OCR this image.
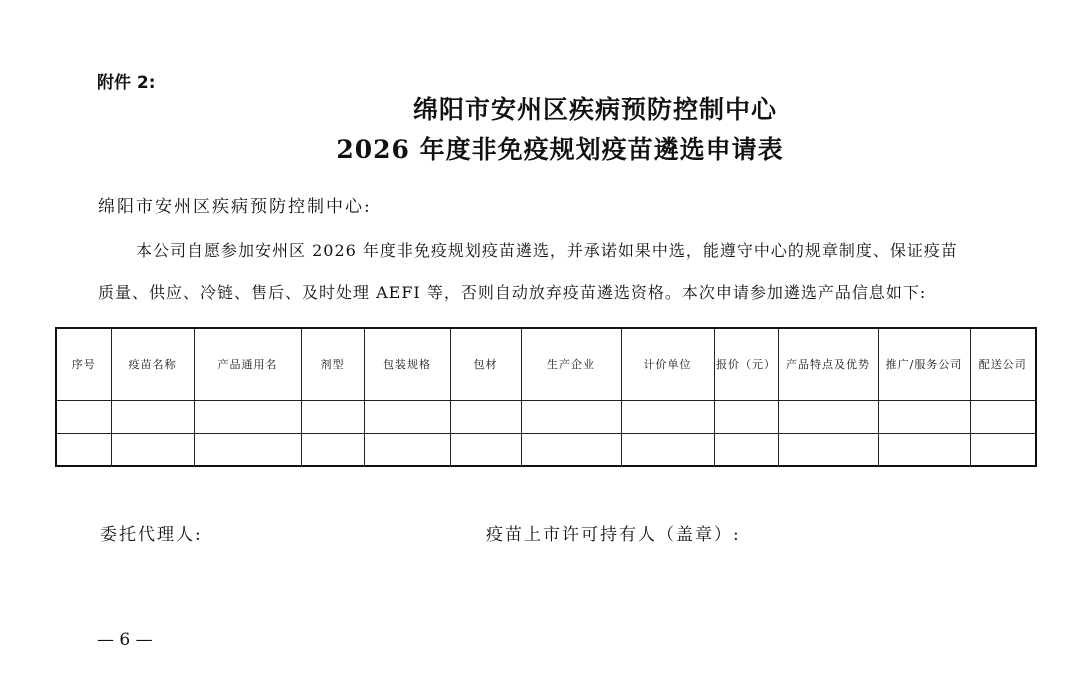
附件 2:
绵阳市安州区疾病预防控制中心
2026 年度非免疫规划疫苗遴选申请表
绵阳市安州区疾病预防控制中心:
本公司自愿参加安州区 2026 年度非免疫规划疫苗遴选，并承诺如果中选，能遵守中心的规章制度、保证疫苗
质量、供应、冷链、售后、及时处理 AEFI 等，否则自动放弃疫苗遴选资格。本次申请参加遴选产品信息如下:
序号	疫苗名称	产品通用名	剂型	包装规格	包材	生产企业	计价单位	报价（元）	产品特点及优势	推广/服务公司	配送公司

委托代理人:	疫苗上市许可持有人（盖章）:
— 6 —
